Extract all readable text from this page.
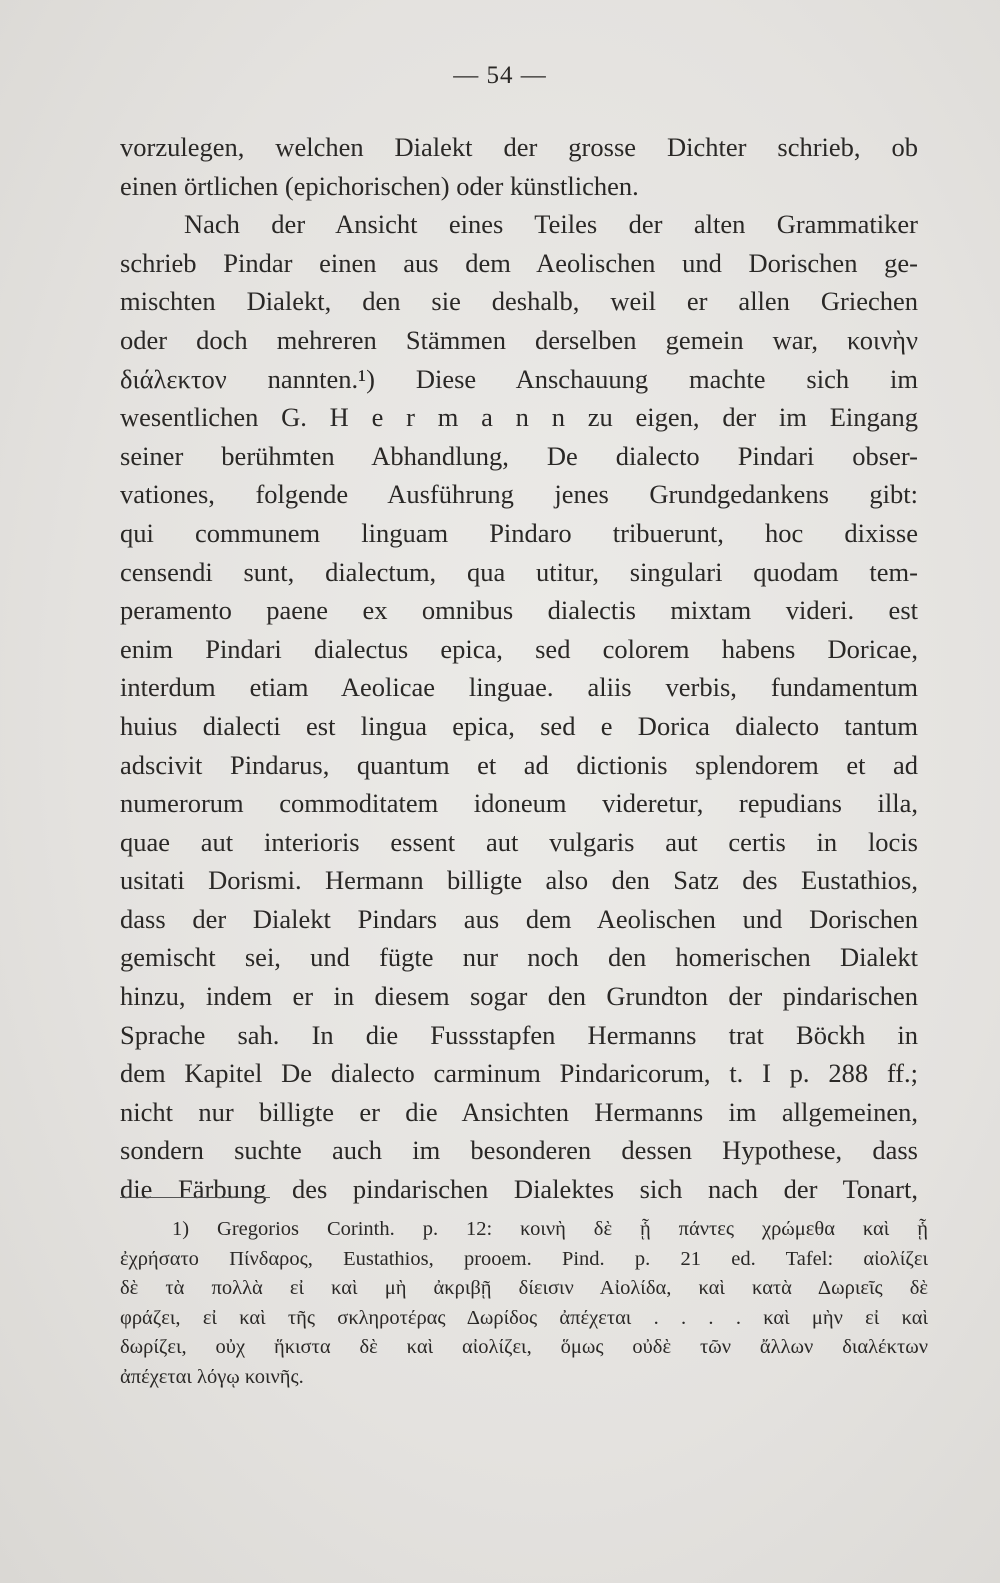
— 54 —
vorzulegen, welchen Dialekt der grosse Dichter schrieb, ob
einen örtlichen (epichorischen) oder künstlichen.
Nach der Ansicht eines Teiles der alten Grammatiker
schrieb Pindar einen aus dem Aeolischen und Dorischen ge-
mischten Dialekt, den sie deshalb, weil er allen Griechen
oder doch mehreren Stämmen derselben gemein war, κοινὴν
διάλεκτον nannten.¹) Diese Anschauung machte sich im
wesentlichen G. H e r m a n n zu eigen, der im Eingang
seiner berühmten Abhandlung, De dialecto Pindari obser-
vationes, folgende Ausführung jenes Grundgedankens gibt:
qui communem linguam Pindaro tribuerunt, hoc dixisse
censendi sunt, dialectum, qua utitur, singulari quodam tem-
peramento paene ex omnibus dialectis mixtam videri. est
enim Pindari dialectus epica, sed colorem habens Doricae,
interdum etiam Aeolicae linguae. aliis verbis, fundamentum
huius dialecti est lingua epica, sed e Dorica dialecto tantum
adscivit Pindarus, quantum et ad dictionis splendorem et ad
numerorum commoditatem idoneum videretur, repudians illa,
quae aut interioris essent aut vulgaris aut certis in locis
usitati Dorismi. Hermann billigte also den Satz des Eustathios,
dass der Dialekt Pindars aus dem Aeolischen und Dorischen
gemischt sei, und fügte nur noch den homerischen Dialekt
hinzu, indem er in diesem sogar den Grundton der pindarischen
Sprache sah. In die Fussstapfen Hermanns trat Böckh in
dem Kapitel De dialecto carminum Pindaricorum, t. I p. 288 ff.;
nicht nur billigte er die Ansichten Hermanns im allgemeinen,
sondern suchte auch im besonderen dessen Hypothese, dass
die Färbung des pindarischen Dialektes sich nach der Tonart,
1) Gregorios Corinth. p. 12: κοινὴ δὲ ᾗ πάντες χρώμεθα καὶ ᾗ
ἐχρήσατο Πίνδαρος, Eustathios, prooem. Pind. p. 21 ed. Tafel: αἰολίζει
δὲ τὰ πολλὰ εἰ καὶ μὴ ἀκριβῇ δίεισιν Αἰολίδα, καὶ κατὰ Δωριεῖς δὲ
φράζει, εἰ καὶ τῆς σκληροτέρας Δωρίδος ἀπέχεται . . . . καὶ μὴν εἰ καὶ
δωρίζει, οὐχ ἥκιστα δὲ καὶ αἰολίζει, ὅμως οὐδὲ τῶν ἄλλων διαλέκτων
ἀπέχεται λόγῳ κοινῆς.
